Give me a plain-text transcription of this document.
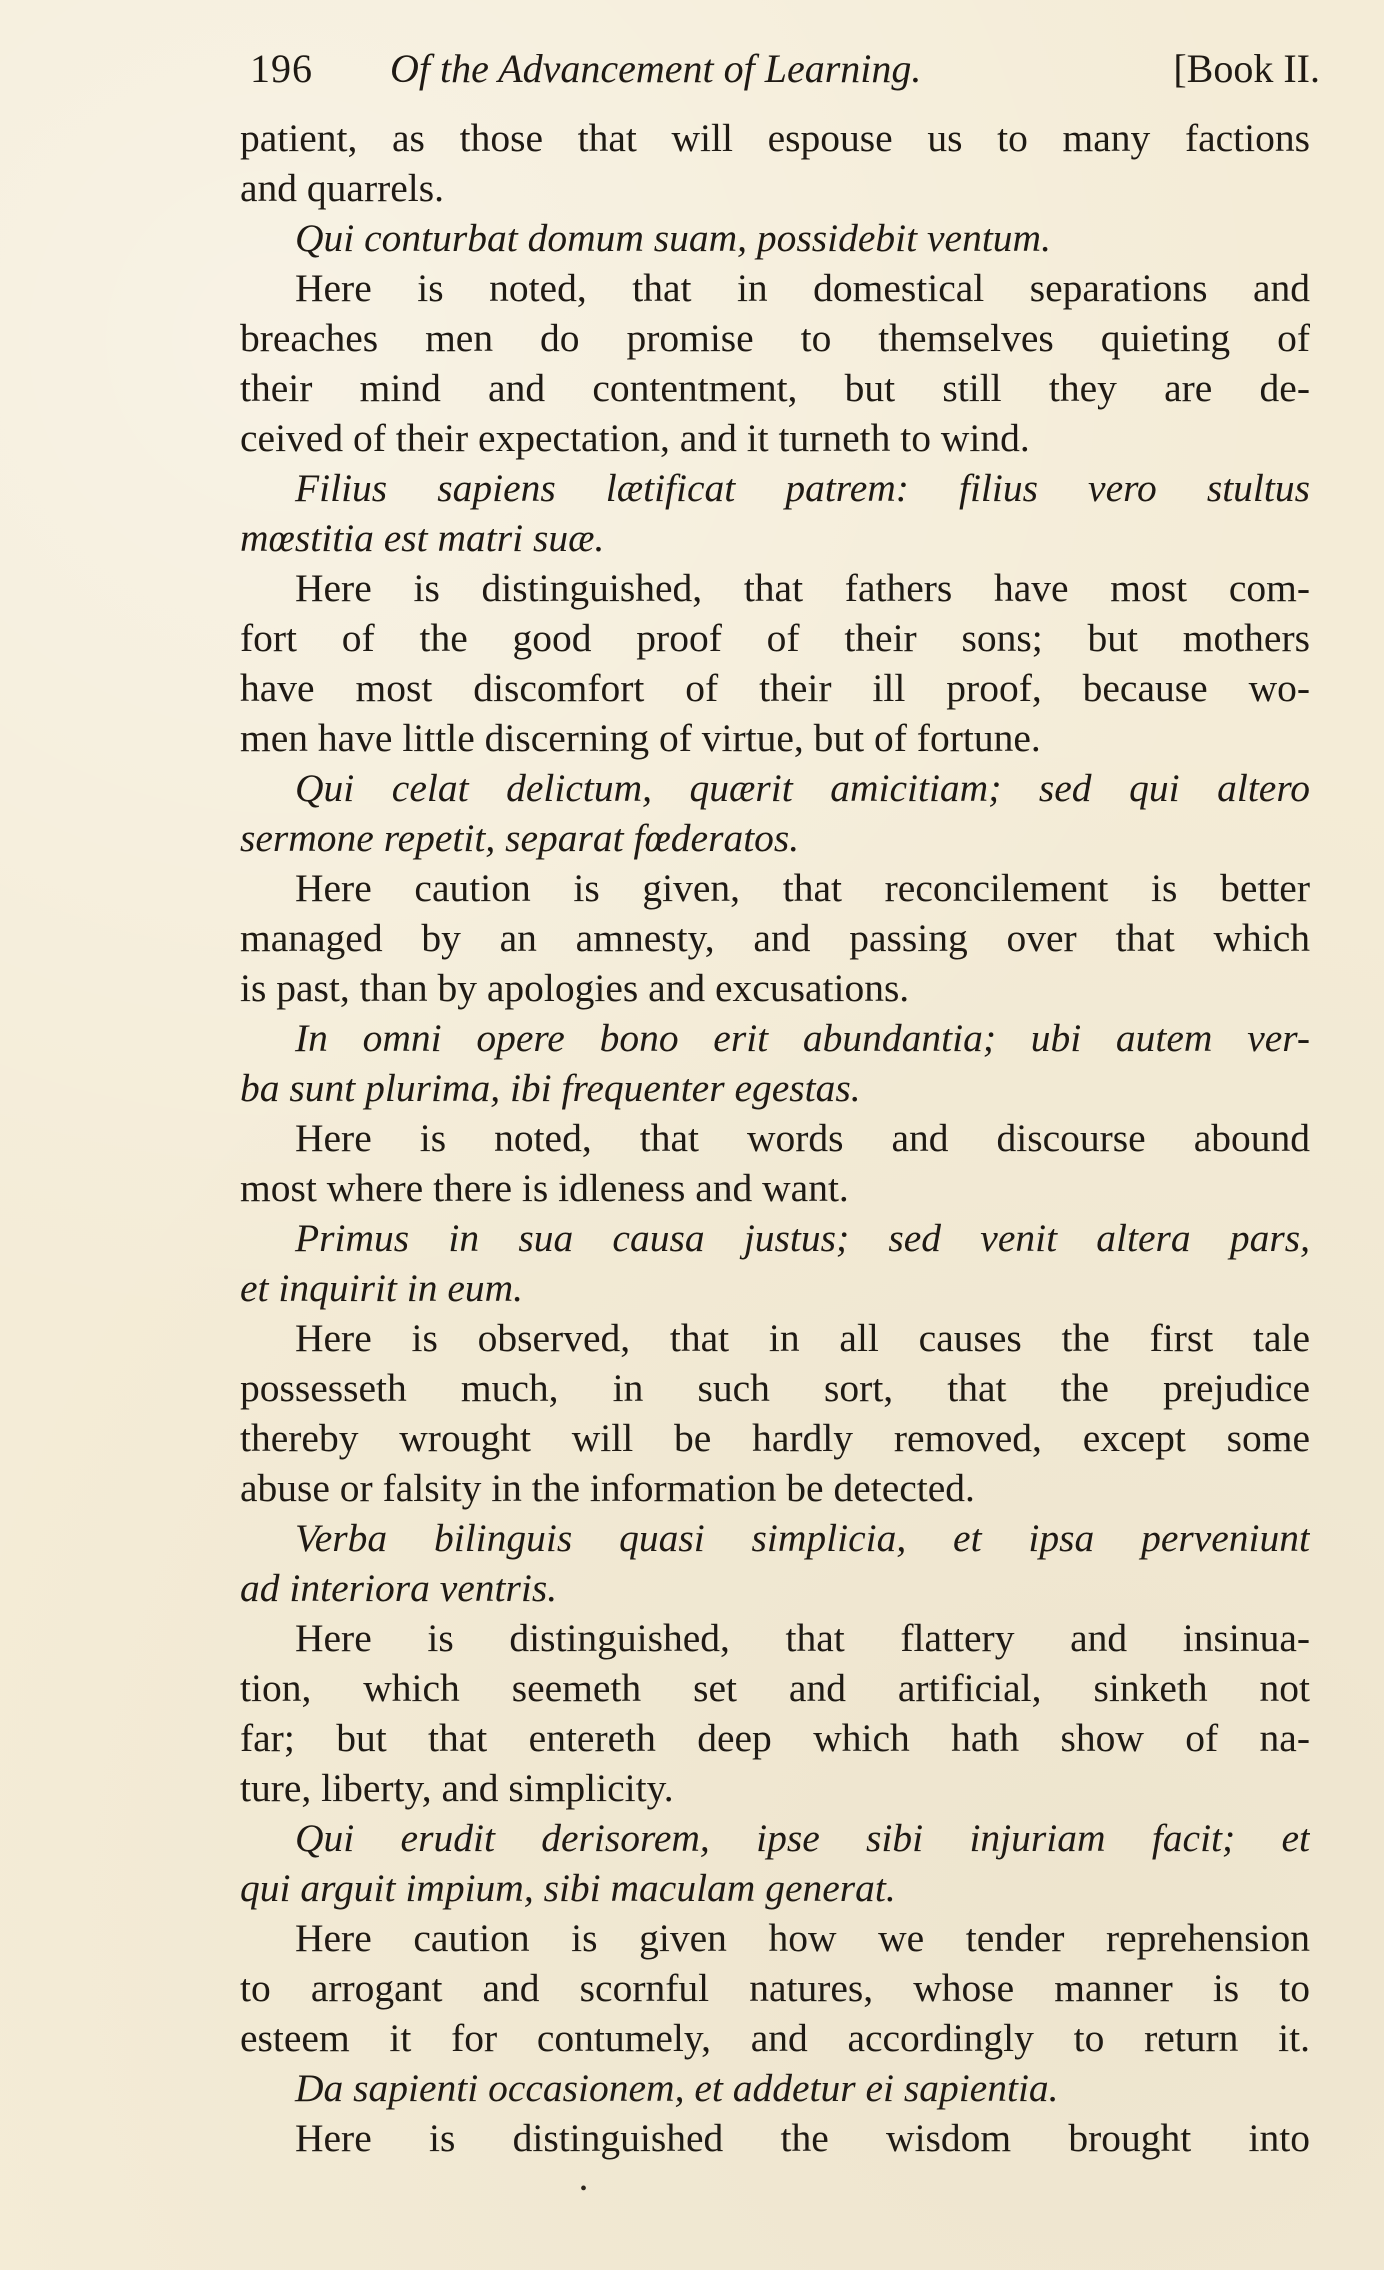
196 Of the Advancement of Learning.	[Book II.
patient, as those that will espouse us to many factions
and quarrels.
Qui conturbat domum suam, possidebit ventum.
Here is noted, that in domestical separations and
breaches men do promise to themselves quieting of
their mind and contentment, but still they are de-
ceived of their expectation, and it turneth to wind.
Filius sapiens lætificat patrem: filius vero stultus
mœstitia est matri suæ.
Here is distinguished, that fathers have most com-
fort of the good proof of their sons; but mothers
have most discomfort of their ill proof, because wo-
men have little discerning of virtue, but of fortune.
Qui celat delictum, quærit amicitiam; sed qui altero
sermone repetit, separat fœderatos.
Here caution is given, that reconcilement is better
managed by an amnesty, and passing over that which
is past, than by apologies and excusations.
In omni opere bono erit abundantia; ubi autem ver-
ba sunt plurima, ibi frequenter egestas.
Here is noted, that words and discourse abound
most where there is idleness and want.
Primus in sua causa justus; sed venit altera pars,
et inquirit in eum.
Here is observed, that in all causes the first tale
possesseth much, in such sort, that the prejudice
thereby wrought will be hardly removed, except some
abuse or falsity in the information be detected.
Verba bilinguis quasi simplicia, et ipsa perveniunt
ad interiora ventris.
Here is distinguished, that flattery and insinua-
tion, which seemeth set and artificial, sinketh not
far; but that entereth deep which hath show of na-
ture, liberty, and simplicity.
Qui erudit derisorem, ipse sibi injuriam facit; et
qui arguit impium, sibi maculam generat.
Here caution is given how we tender reprehension
to arrogant and scornful natures, whose manner is to
esteem it for contumely, and accordingly to return it.
Da sapienti occasionem, et addetur ei sapientia.
Here is distinguished the wisdom brought into
•
